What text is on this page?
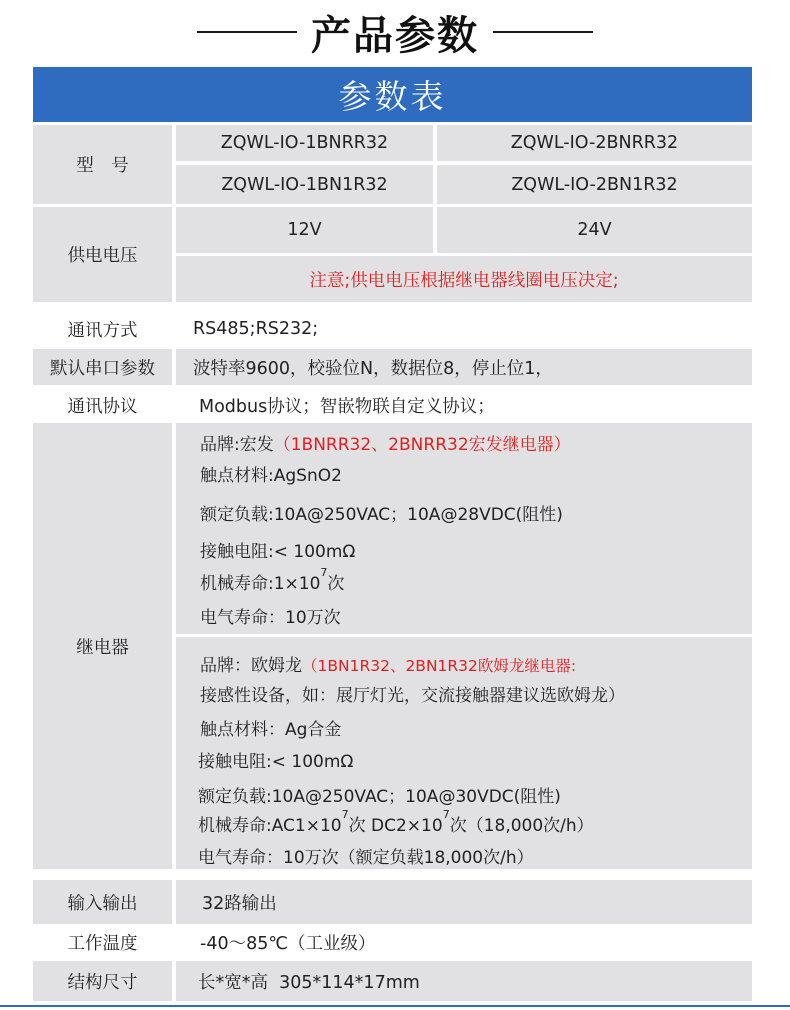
产品参数
参数表
型　号
ZQWL-IO-1BNRR32	ZQWL-IO-2BNRR32
ZQWL-IO-1BN1R32	ZQWL-IO-2BN1R32
供电电压
12V	24V
注意;供电电压根据继电器线圈电压决定;
通讯方式	RS485;RS232;
默认串口参数	波特率9600，校验位N，数据位8，停止位1，
通讯协议	Modbus协议；智嵌物联自定义协议；
继电器
品牌:宏发（1BNRR32、2BNRR32宏发继电器）
触点材料:AgSnO2
额定负载:10A@250VAC；10A@28VDC(阻性)
接触电阻:< 100mΩ
机械寿命$:1\times 10^7$次
电气寿命：10万次
品牌：欧姆龙（1BN1R32、2BN1R32欧姆龙继电器:
接感性设备，如：展厅灯光，交流接触器建议选欧姆龙）
触点材料：Ag合金
接触电阻:< 100mΩ
额定负载:10A@250VAC；10A@30VDC(阻性)
机械寿命$:AC1\times 10^7$次 $DC2\times 10^7$次（18,000次/h）
电气寿命：10万次（额定负载18,000次/h）
输入输出	32路输出
工作温度	-40～85℃（工业级）
结构尺寸	长*宽*高  305*114*17mm
